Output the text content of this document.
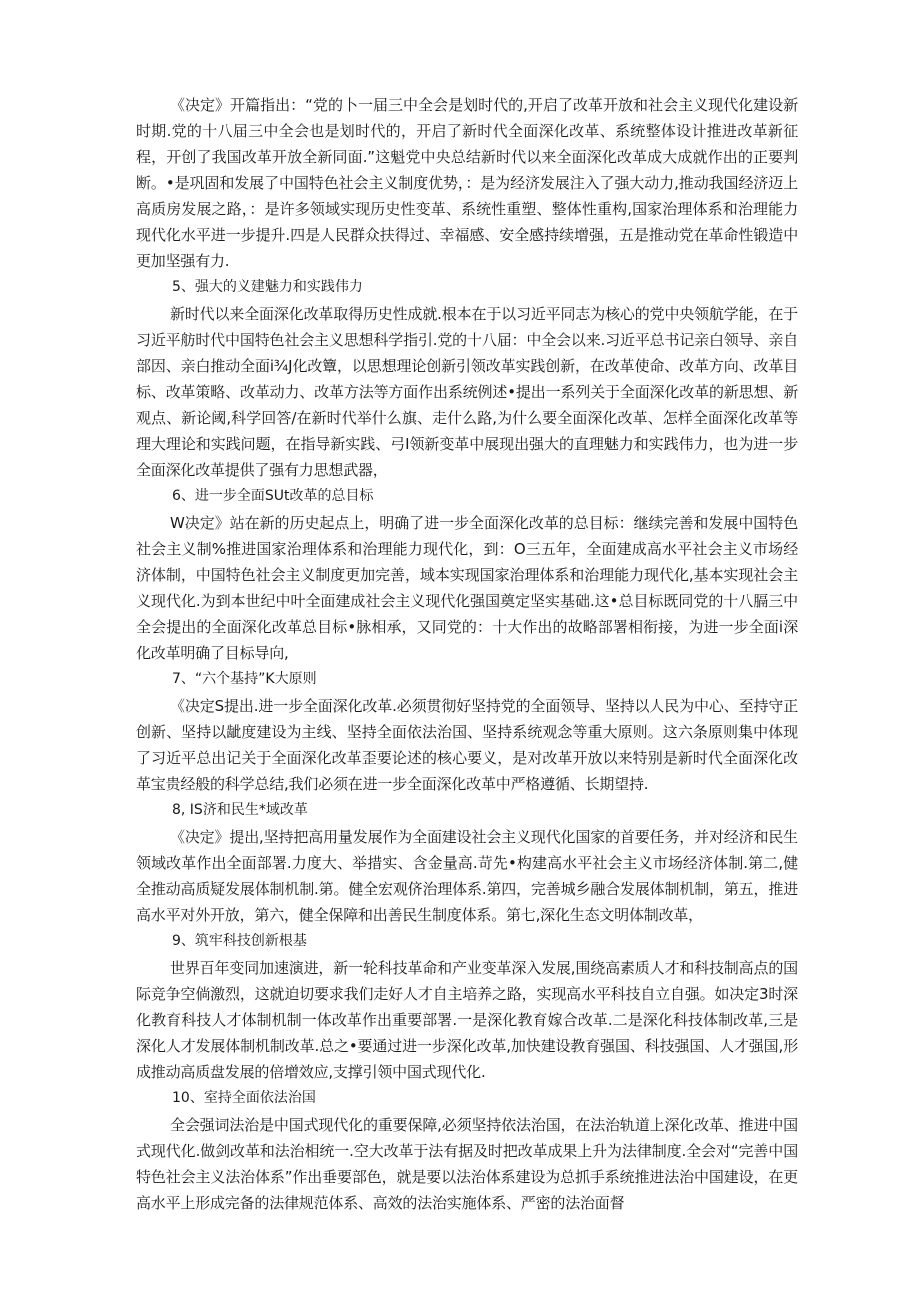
《决定》开篇指出：“党的卜一届三中全会是划时代的,开启了改革开放和社会主义现代化建设新时期.党的十八届三中全会也是划时代的，开启了新时代全面深化改革、系统整体设计推进改革新征程，开创了我国改革开放全新同面.”这魁党中央总结新时代以来全面深化改革成大成就作出的正要判断。•是巩固和发展了中国特色社会主义制度优势，：是为经济发展注入了强大动力,推动我国经济迈上高质房发展之路，：是许多领域实现历史性变革、系统性重塑、整体性重构,国家治理体系和治理能力现代化水平进一步提升.四是人民群众扶得过、幸福感、安全感持续增强，五是推动党在革命性锻造中更加坚强有力.

5、强大的义建魅力和实践伟力

新时代以来全面深化改革取得历史性成就.根本在于以习近平同志为核心的党中央领航学能，在于习近平舫时代中国特色社会主义思想科学指引.党的十八届：中全会以来.习近平总书记亲白领导、亲自部因、亲白推动全面i¾J化改簟，以思想理论创新引领改革实践创新，在改革使命、改革方向、改革目标、改革策略、改革动力、改革方法等方面作出系统例述•提出一系列关于全面深化改革的新思想、新观点、新论阈,科学回答/在新时代举什么旗、走什么路,为什么要全面深化改革、怎样全面深化改革等理大理论和实践问题，在指导新实践、弓I领新变革中展现出强大的直理魅力和实践伟力，也为进一步全面深化改革提供了强有力思想武器，

6、进一步全面SUt改革的总目标

W决定》站在新的历史起点上，明确了进一步全面深化改革的总目标：继续完善和发展中国特色社会主义制%推进国家治理体系和治理能力现代化，到：O三五年，全面建成高水平社会主义市场经济体制，中国特色社会主义制度更加完善，域本实现国家治理体系和治理能力现代化,基本实现社会主义现代化.为到本世纪中叶全面建成社会主义现代化强国奠定坚实基础.这•总目标既同党的十八膈三中全会提出的全面深化改革总目标•脉相承，又同党的：十大作出的故略部署相衔接，为进一步全面i深化改革明确了目标导向,

7、“六个基持”K大原则

《决定S提出.进一步全面深化改革.必须贯彻好坚持党的全面领导、坚持以人民为中心、至持守正创新、坚持以龇度建设为主线、坚持全面依法治国、坚持系统观念等重大原则。这六条原则集中体现了习近平总出记关于全面深化改革歪要论述的核心要义，是对改革开放以来特别是新时代全面深化改革宝贵经般的科学总结,我们必须在进一步全面深化改革中严格遵循、长期望持.

8, IS济和民生*域改革

《决定》提出,坚持把高用量发展作为全面建设社会主义现代化国家的首要任务，并对经济和民生领域改革作出全面部署.力度大、举措实、含金量高.苛先•构建高水平社会主义市场经济体制.第二,健全推动高质疑发展体制机制.第。健全宏观侪治理体系.第四，完善城乡融合发展体制机制，第五，推进高水平对外开放，第六，健全保障和出善民生制度体系。第七,深化生态文明体制改革，

9、筑牢科技创新根基

世界百年变同加速演进，新一轮科技革命和产业变革深入发展,围绕高素质人才和科技制高点的国际竞争空倘激烈，这就迫切要求我们走好人才自主培养之路，实现高水平科技自立自强。如决定3时深化教育科技人才体制机制一体改革作出重要部署.一是深化教育嫁合改革.二是深化科技体制改革,三是深化人才发展体制机制改革.总之•要通过进一步深化改革,加快建设教育强国、科技强国、人才强国,形成推动高质盘发展的倍增效应,支撑引领中国式现代化.

10、室持全面依法治国

全会强词法治是中国式现代化的重要保障,必须坚持依法治国，在法治轨道上深化改革、推进中国式现代化.做剑改革和法治相统一.空大改革于法有据及时把改革成果上升为法律制度.全会对“完善中国特色社会主义法治体系”作出垂要部色，就是要以法治体系建设为总抓手系统推进法治中国建设，在更高水平上形成完备的法律规范体系、高效的法治实施体系、严密的法治面督
